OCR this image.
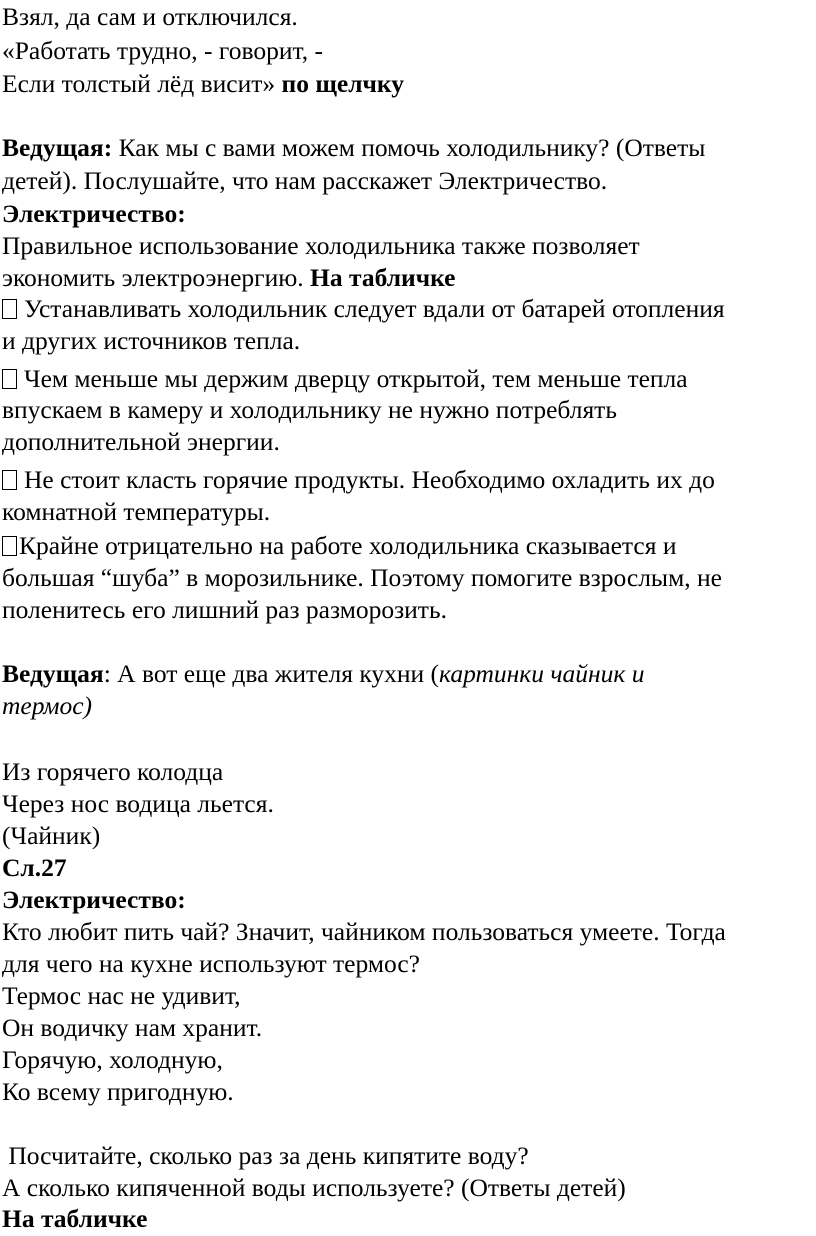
Взял, да сам и отключился.
«Работать трудно, - говорит, -
Если толстый лёд висит» по щелчку
Ведущая: Как мы с вами можем помочь холодильнику? (Ответы
детей). Послушайте, что нам расскажет Электричество.
Электричество:
Правильное использование холодильника также позволяет
экономить электроэнергию. На табличке
Устанавливать холодильник следует вдали от батарей отопления
и других источников тепла.
Чем меньше мы держим дверцу открытой, тем меньше тепла
впускаем в камеру и холодильнику не нужно потреблять
дополнительной энергии.
Не стоит класть горячие продукты. Необходимо охладить их до
комнатной температуры.
Крайне отрицательно на работе холодильника сказывается и
большая “шуба” в морозильнике. Поэтому помогите взрослым, не
поленитесь его лишний раз разморозить.
Ведущая: А вот еще два жителя кухни (картинки чайник и
термос)
Из горячего колодца
Через нос водица льется.
(Чайник)
Сл.27
Электричество:
Кто любит пить чай? Значит, чайником пользоваться умеете. Тогда
для чего на кухне используют термос?
Термос нас не удивит,
Он водичку нам хранит.
Горячую, холодную,
Ко всему пригодную.
Посчитайте, сколько раз за день кипятите воду?
А сколько кипяченной воды используете? (Ответы детей)
На табличке
